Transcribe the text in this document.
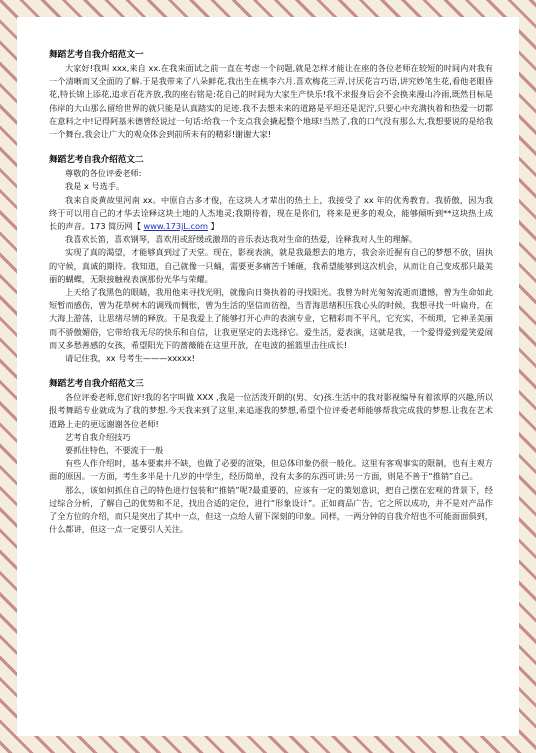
舞蹈艺考自我介绍范文一

大家好!我叫 xxx,来自 xx.在我来面试之前一直在考虑一个问题,就是怎样才能让在座的各位老师在较短的时间内对我有一个清晰而又全面的了解.于是我带来了八朵鲜花,我出生在桃李六月.喜欢梅花三弄,讨厌花言巧语,讲究妙笔生花,看他老眼昏花,特长锦上添花,追求百花齐放,我的座右铭是:花自己的时间为大家生产快乐!我不求报身后会不会换来漫山冷雨,既然目标是伟岸的大山那么留给世界的就只能是认真踏实的足迹.我不去想未来的道路是平坦还是泥泞,只要心中充满执着和热爱一切都在意料之中!记得阿基米德曾经说过一句话:给我一个支点我会撬起整个地球!当然了,我的口气没有那么大,我想要说的是给我一个舞台,我会让广大的观众体会到前所未有的精彩!谢谢大家!

舞蹈艺考自我介绍范文二

尊敬的各位评委老师:

我是 x 号选手。

我来自炎黄故里河南 xx。中原自古多才俊，在这块人才辈出的热土上，我接受了 xx 年的优秀教育。我骄傲，因为我终于可以用自己的才华去诠释这块土地的人杰地灵;我期待着，现在是你们，将来是更多的观众，能够倾听到**这块热土成长的声音。173 简历网【 www.173jL.com 】

我喜欢长笛，喜欢钢琴，喜欢用或舒缓或激昂的音乐表达我对生命的热爱，诠释我对人生的理解。

实现了真的渴望，才能够真到过了天堂。现在，影视表演，就是我最想去的地方，我会亲近握有自己的梦想不放，固执的守候，真诚的期待。我知道，自己就像一只蛹，需要更多痛苦千锤砸，我希望能够到这次机会，从而让自己变成那只最美丽的蝴蝶，无限接触视表演那份光华与荣耀。

上天给了我黑色的眼睛，我用他来寻找光明，就像向日葵执着的寻找阳光。我曾为时光匆匆流逝而遗憾，曾为生命如此短暂而感伤，曾为花草树木的调残而惆怅，曾为生活的坚信而彷徨，当青海思绪积压我心头的时候，我想寻找一叶扁舟，在大海上游荡，让思绪尽情的释放。于是我爱上了能够打开心声的表演专业，它精彩而不平凡，它充实，不烦琐，它神圣美丽而不骄傲媚俗，它带给我无尽的快乐和自信，让我更坚定的去选择它。爱生活，爱表演，这就是我，一个爱得爱到爱笑爱闹而又多愁善感的女孩，希望阳光下的蔷薇能在这里开放，在电波的摇篮里击往成长!

请记住我，xx 号考生———xxxxx!

舞蹈艺考自我介绍范文三

各位评委老师,您们好!我的名字叫做 XXX ,我是一位活泼开朗的(男、女)孩.生活中的我对影视编导有着浓厚的兴趣,所以报考舞蹈专业就成为了我的梦想.今天我来到了这里,来追逐我的梦想,希望个位评委老师能够帮我完成我的梦想.让我在艺术道路上走的更远谢谢各位老师!

艺考自我介绍技巧

要抓住特色，不要流于一般

有些人作介绍时，基本要素并不缺，也做了必要的渲染，但总体印象仍很一般化。这里有客观事实的限制，也有主观方面的原因。一方面，考生多半是十几岁的中学生，经历简单，没有太多的东西可讲;另一方面，则是不善于“推销”自己。

那么，该如何抓住自己的特色进行包装和“推销”呢?最重要的，应该有一定的策划意识，把自己摆在宏观的背景下，经过综合分析，了解自己的优势和不足，找出合适的定位，进行“形象设计”。正如商品广告，它之所以成功，并不是对产品作了全方位的介绍，而只是突出了其中一点，但这一点给人留下深刻的印象。同样，一两分钟的自我介绍也不可能面面俱到，什么都讲，但这一点一定要引人关注。
